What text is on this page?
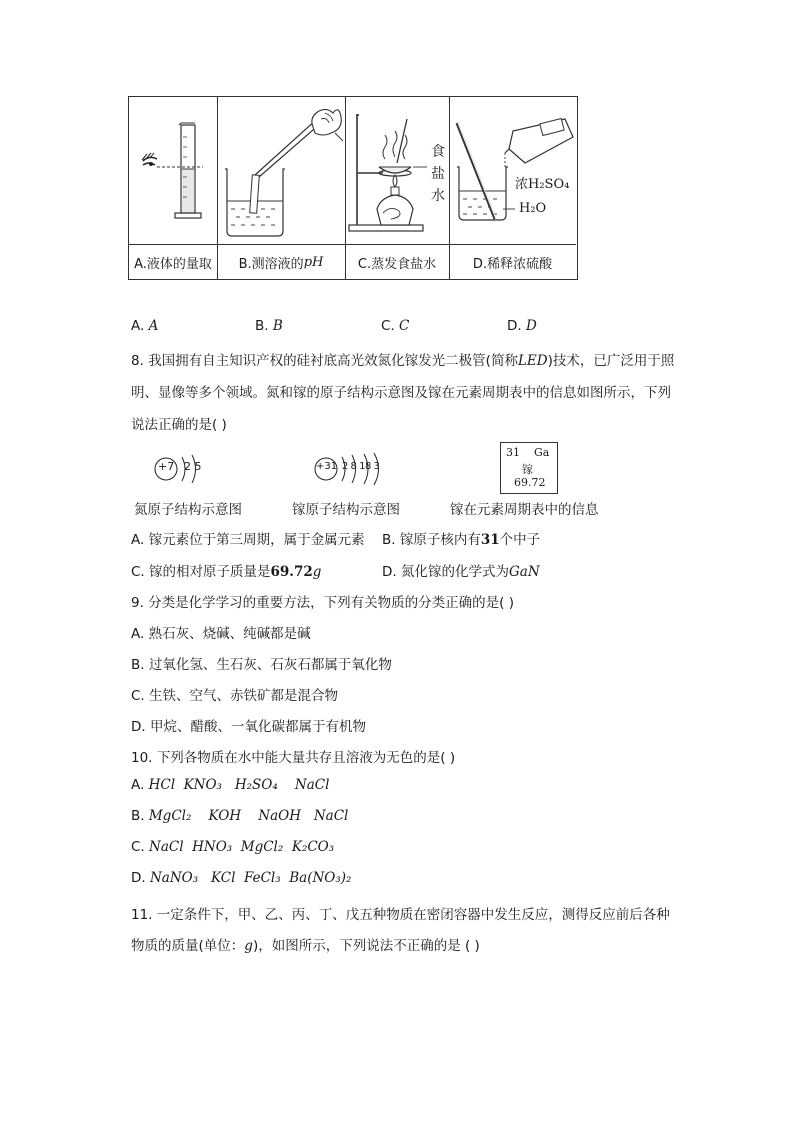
食
盐
水
浓H₂SO₄
H₂O
A.液体的量取 B.测溶液的 pH	C.蒸发食盐水	D.稀释浓硫酸
A. A	B. B	C. C	D. D
8. 我国拥有自主知识产权的硅衬底高光效氮化镓发光二极管(简称LED)技术，已广泛用于照
明、显像等多个领域。氮和镓的原子结构示意图及镓在元素周期表中的信息如图所示，下列
说法正确的是( )
+7 2 5	+31 2 8 18 3
31 Ga
镓
69.72
氮原子结构示意图	镓原子结构示意图	镓在元素周期表中的信息
A. 镓元素位于第三周期，属于金属元素 B. 镓原子核内有31个中子
C. 镓的相对原子质量是69.72g	D. 氮化镓的化学式为GaN
9. 分类是化学学习的重要方法，下列有关物质的分类正确的是( )
A. 熟石灰、烧碱、纯碱都是碱
B. 过氧化氢、生石灰、石灰石都属于氧化物
C. 生铁、空气、赤铁矿都是混合物
D. 甲烷、醋酸、一氧化碳都属于有机物
10. 下列各物质在水中能大量共存且溶液为无色的是( )
A. HCl  KNO₃   H₂SO₄    NaCl
B. MgCl₂    KOH    NaOH   NaCl
C. NaCl  HNO₃  MgCl₂  K₂CO₃
D. NaNO₃   KCl  FeCl₃  Ba(NO₃)₂
11. 一定条件下，甲、乙、丙、丁、戊五种物质在密闭容器中发生反应，测得反应前后各种
物质的质量(单位：g)，如图所示，下列说法不正确的是 ( )
